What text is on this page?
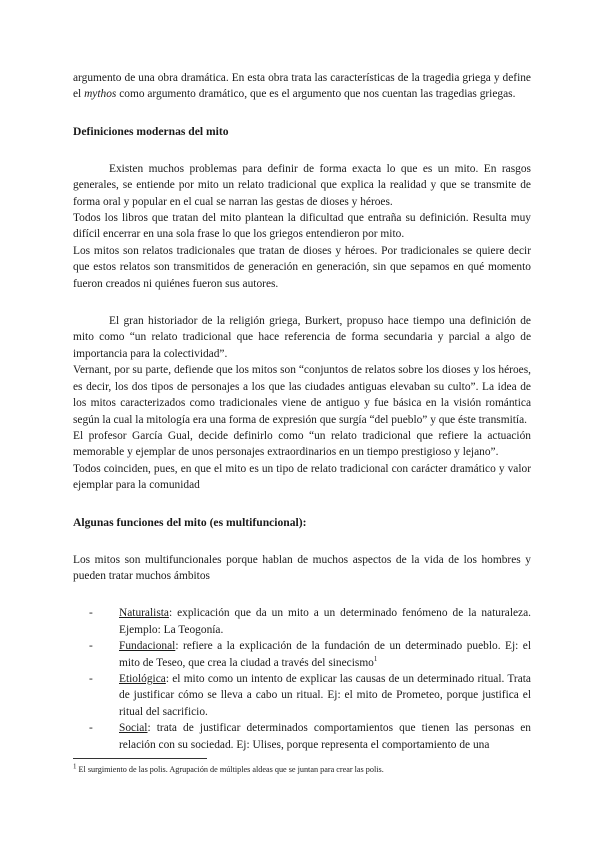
argumento de una obra dramática. En esta obra trata las características de la tragedia griega y define el mythos como argumento dramático, que es el argumento que nos cuentan las tragedias griegas.

Definiciones modernas del mito

Existen muchos problemas para definir de forma exacta lo que es un mito. En rasgos generales, se entiende por mito un relato tradicional que explica la realidad y que se transmite de forma oral y popular en el cual se narran las gestas de dioses y héroes.

Todos los libros que tratan del mito plantean la dificultad que entraña su definición. Resulta muy difícil encerrar en una sola frase lo que los griegos entendieron por mito.

Los mitos son relatos tradicionales que tratan de dioses y héroes. Por tradicionales se quiere decir que estos relatos son transmitidos de generación en generación, sin que sepamos en qué momento fueron creados ni quiénes fueron sus autores.

El gran historiador de la religión griega, Burkert, propuso hace tiempo una definición de mito como “un relato tradicional que hace referencia de forma secundaria y parcial a algo de importancia para la colectividad”.

Vernant, por su parte, defiende que los mitos son “conjuntos de relatos sobre los dioses y los héroes, es decir, los dos tipos de personajes a los que las ciudades antiguas elevaban su culto”. La idea de los mitos caracterizados como tradicionales viene de antiguo y fue básica en la visión romántica según la cual la mitología era una forma de expresión que surgía “del pueblo” y que éste transmitía.

El profesor García Gual, decide definirlo como “un relato tradicional que refiere la actuación memorable y ejemplar de unos personajes extraordinarios en un tiempo prestigioso y lejano”.

Todos coinciden, pues, en que el mito es un tipo de relato tradicional con carácter dramático y valor ejemplar para la comunidad

Algunas funciones del mito (es multifuncional):

Los mitos son multifuncionales porque hablan de muchos aspectos de la vida de los hombres y pueden tratar muchos ámbitos

- Naturalista: explicación que da un mito a un determinado fenómeno de la naturaleza. Ejemplo: La Teogonía.
- Fundacional: refiere a la explicación de la fundación de un determinado pueblo. Ej: el mito de Teseo, que crea la ciudad a través del sinecismo$^1$
- Etiológica: el mito como un intento de explicar las causas de un determinado ritual. Trata de justificar cómo se lleva a cabo un ritual. Ej: el mito de Prometeo, porque justifica el ritual del sacrificio.
- Social: trata de justificar determinados comportamientos que tienen las personas en relación con su sociedad. Ej: Ulises, porque representa el comportamiento de una
$^1$ El surgimiento de las polis. Agrupación de múltiples aldeas que se juntan para crear las polis.
